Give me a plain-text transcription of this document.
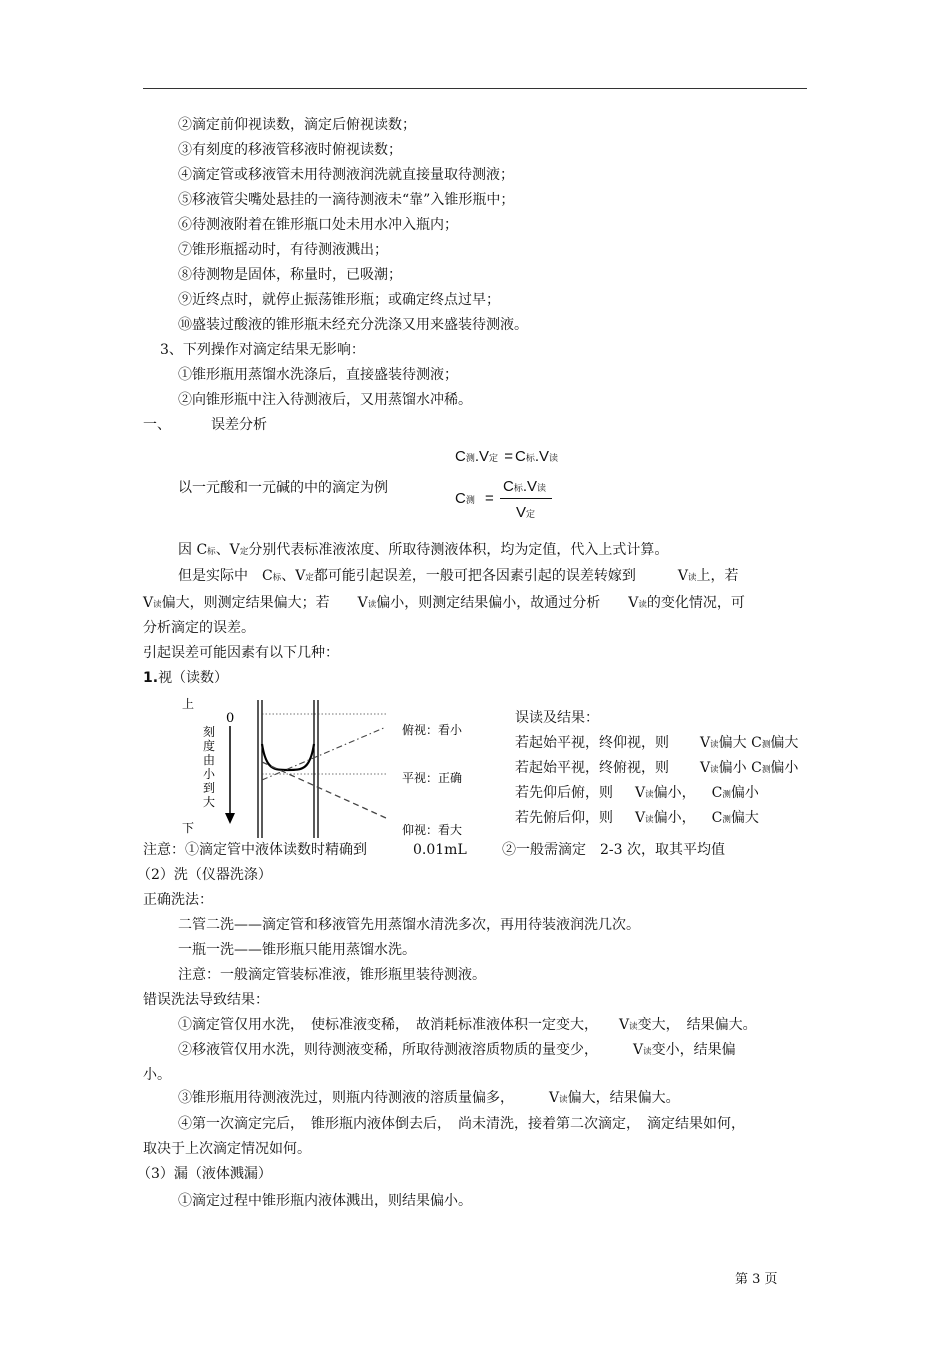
②滴定前仰视读数，滴定后俯视读数；
③有刻度的移液管移液时俯视读数；
④滴定管或移液管未用待测液润洗就直接量取待测液；
⑤移液管尖嘴处悬挂的一滴待测液未“靠”入锥形瓶中；
⑥待测液附着在锥形瓶口处未用水冲入瓶内；
⑦锥形瓶摇动时，有待测液溅出；
⑧待测物是固体，称量时，已吸潮；
⑨近终点时，就停止振荡锥形瓶；或确定终点过早；
⑩盛装过酸液的锥形瓶未经充分洗涤又用来盛装待测液。
3、下列操作对滴定结果无影响：
①锥形瓶用蒸馏水洗涤后，直接盛装待测液；
②向锥形瓶中注入待测液后，又用蒸馏水冲稀。
一、	误差分析
C测.V定 = C标.V读
以一元酸和一元碱的中的滴定为例
C测 =
C标.V读
V定
因 C标、V定分别代表标准液浓度、所取待测液体积，均为定值，代入上式计算。
但是实际中　C标、V定都可能引起误差，一般可把各因素引起的误差转嫁到　　　V读上，若
V读偏大，则测定结果偏大；若　　V读偏小，则测定结果偏小，故通过分析　　V读的变化情况，可
分析滴定的误差。
引起误差可能因素有以下几种：
1.视（读数）
上
0
刻 度 由 小 到 大
下
俯视：看小
平视：正确
仰视：看大
误读及结果：
若起始平视，终仰视，则 V读偏大 C测偏大
若起始平视，终俯视，则 V读偏小 C测偏小
若先仰后俯，则 V读偏小， C测偏小
若先俯后仰，则 V读偏小， C测偏大
注意：①滴定管中液体读数时精确到	0.01mL	②一般需滴定　2-3 次，取其平均值
（2）洗（仪器洗涤）
正确洗法：
二管二洗——滴定管和移液管先用蒸馏水清洗多次，再用待装液润洗几次。
一瓶一洗——锥形瓶只能用蒸馏水洗。
注意：一般滴定管装标准液，锥形瓶里装待测液。
错误洗法导致结果：
①滴定管仅用水洗，　使标准液变稀，　故消耗标准液体积一定变大，　　V读变大，　结果偏大。
②移液管仅用水洗，则待测液变稀，所取待测液溶质物质的量变少，　　　V读变小，结果偏
小。
③锥形瓶用待测液洗过，则瓶内待测液的溶质量偏多，　　　V读偏大，结果偏大。
④第一次滴定完后，　锥形瓶内液体倒去后，　尚未清洗，接着第二次滴定，　滴定结果如何，
取决于上次滴定情况如何。
（3）漏（液体溅漏）
①滴定过程中锥形瓶内液体溅出，则结果偏小。
第 3 页
